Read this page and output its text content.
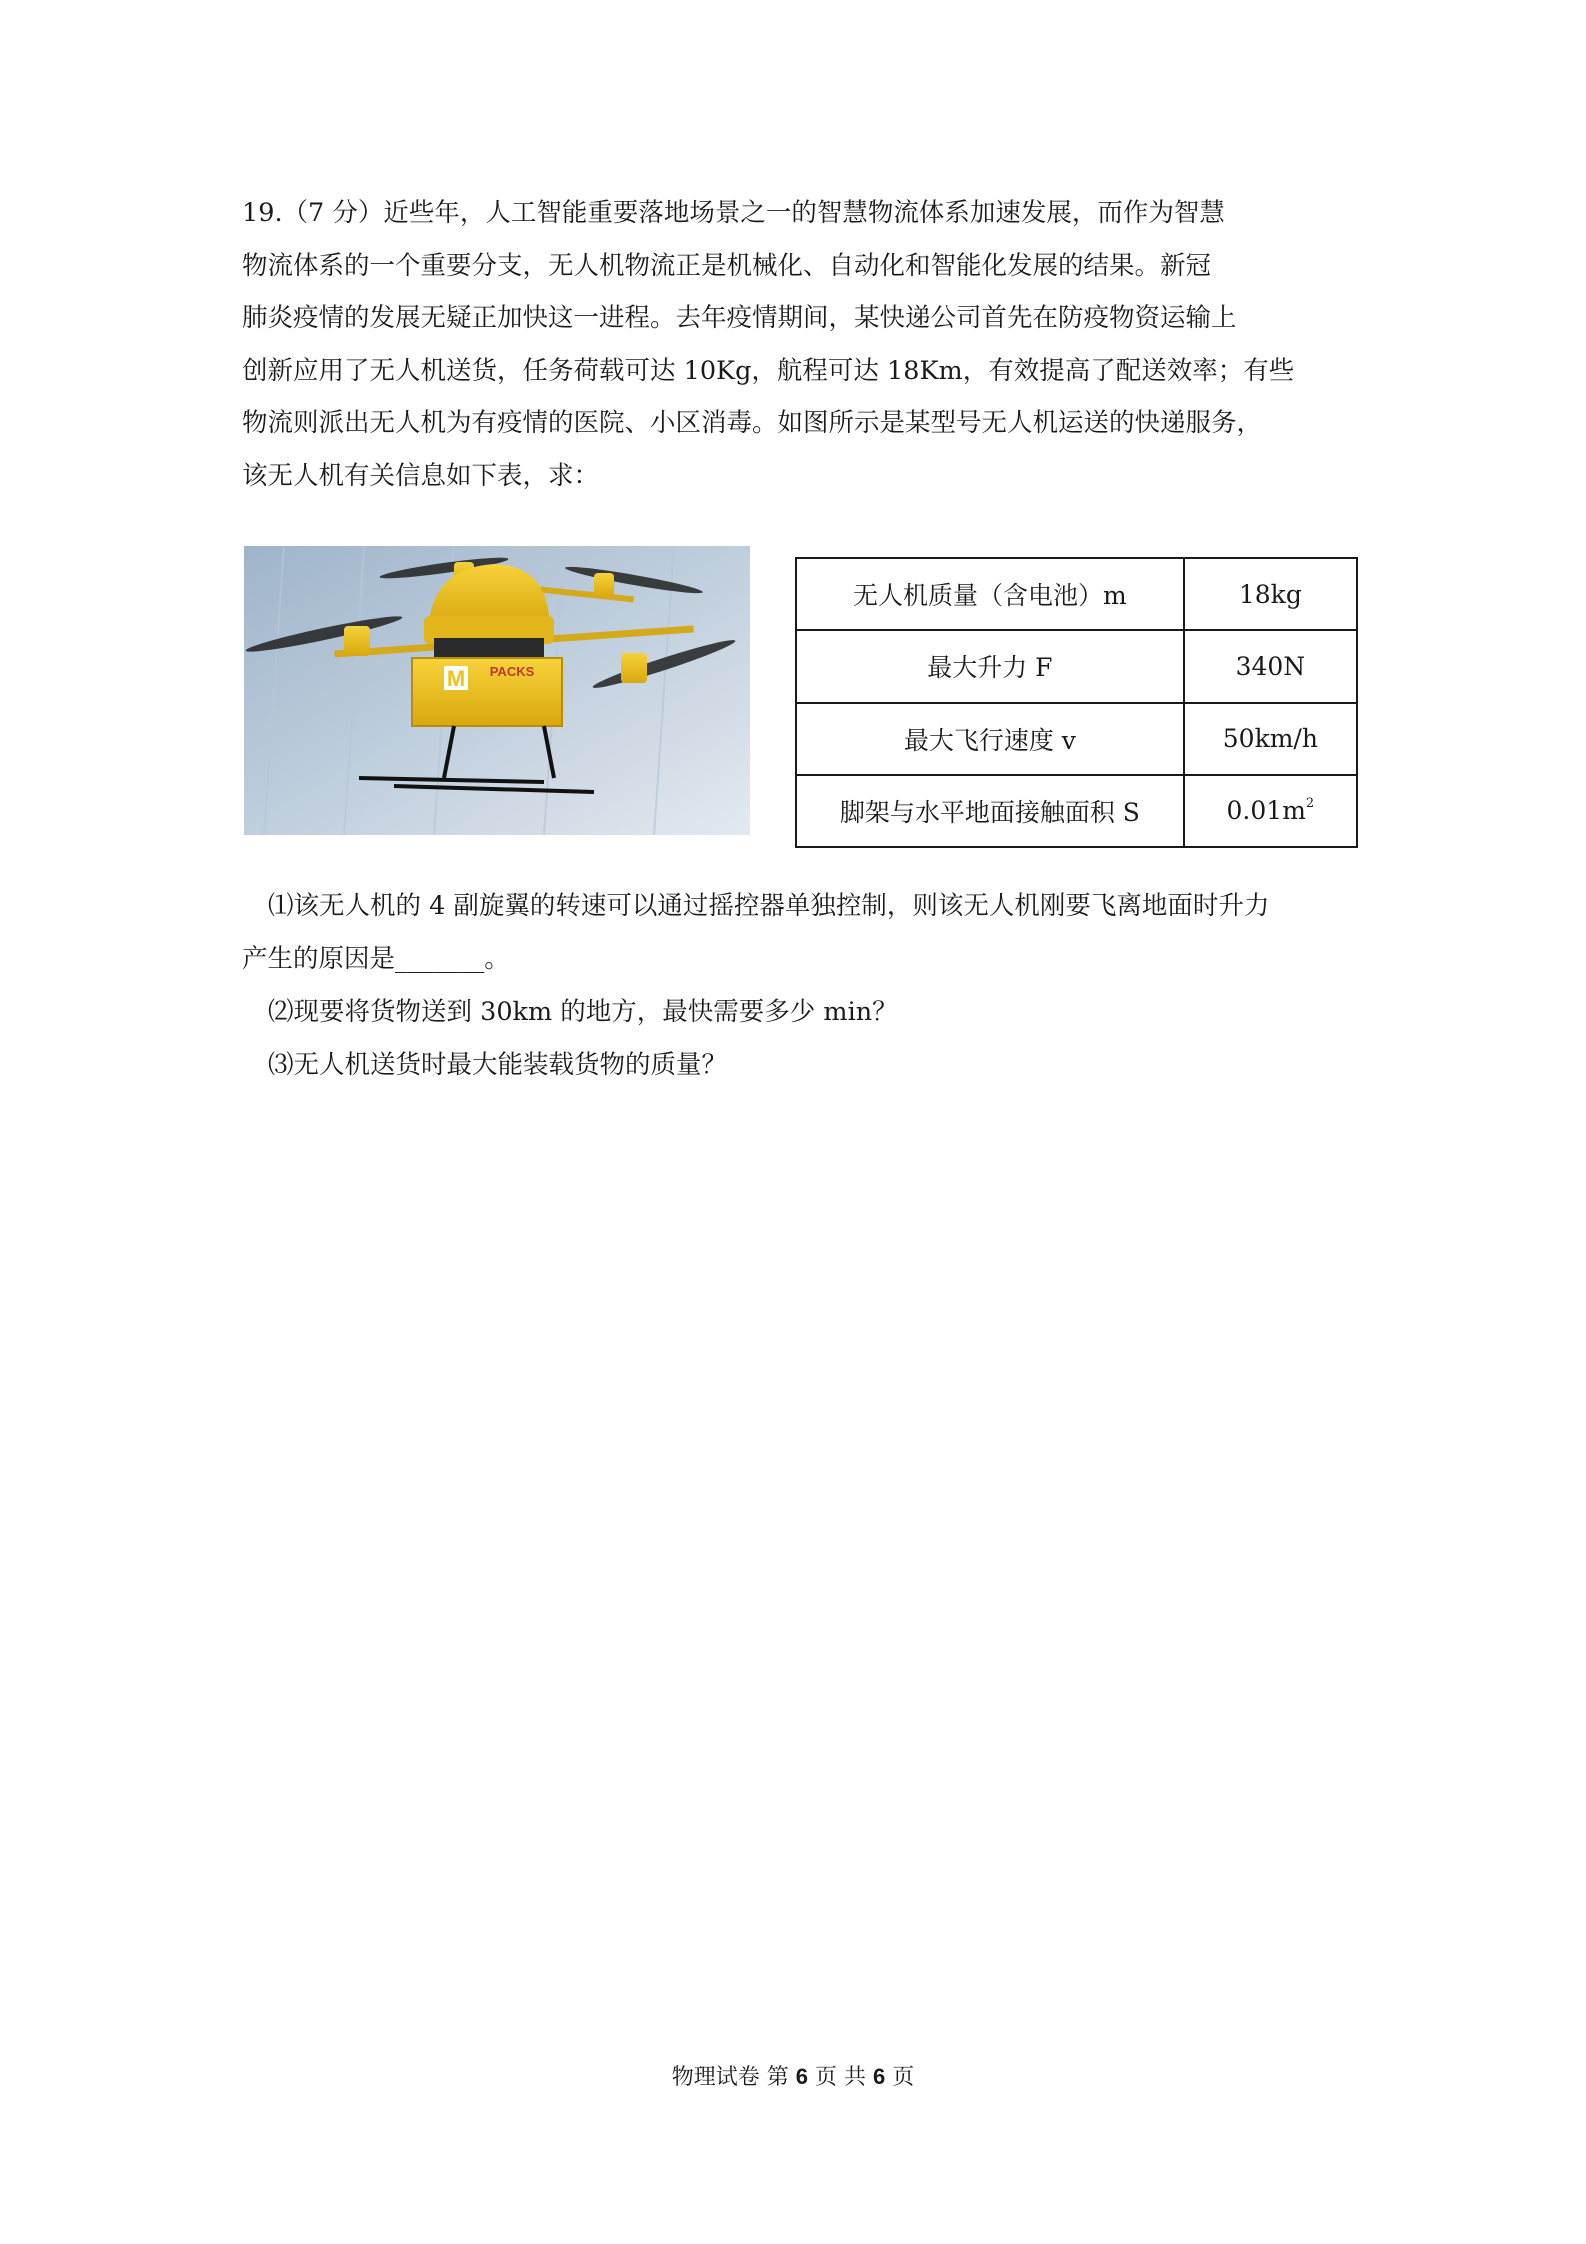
19.（7 分）近些年，人工智能重要落地场景之一的智慧物流体系加速发展，而作为智慧
物流体系的一个重要分支，无人机物流正是机械化、自动化和智能化发展的结果。新冠
肺炎疫情的发展无疑正加快这一进程。去年疫情期间，某快递公司首先在防疫物资运输上
创新应用了无人机送货，任务荷载可达 10Kg，航程可达 18Km，有效提高了配送效率；有些
物流则派出无人机为有疫情的医院、小区消毒。如图所示是某型号无人机运送的快递服务，
该无人机有关信息如下表，求：
M PACKS
无人机质量（含电池）m	18kg
最大升力 F	340N
最大飞行速度 v	50km/h
脚架与水平地面接触面积 S	$0.01m^2$

⑴该无人机的 4 副旋翼的转速可以通过摇控器单独控制，则该无人机刚要飞离地面时升力

产生的原因是_______。

⑵现要将货物送到 30km 的地方，最快需要多少 min？

⑶无人机送货时最大能装载货物的质量？

物理试卷 第 6 页 共 6 页
